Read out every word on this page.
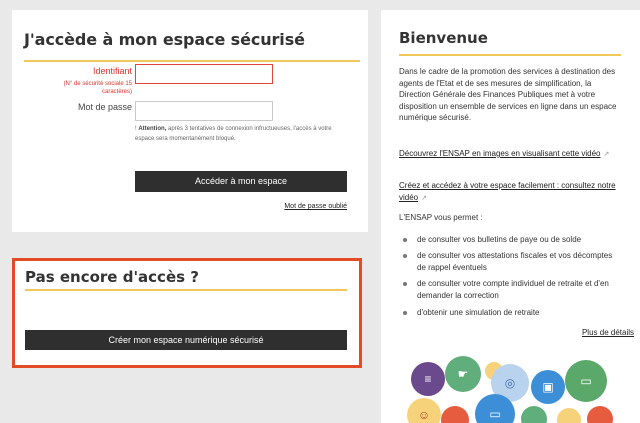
J'accède à mon espace sécurisé
Identifiant
(N° de sécurité sociale 15 caractères)
Mot de passe
! Attention, après 3 tentatives de connexion infructueuses, l'accès à votre espace sera momentanément bloqué.
Accéder à mon espace
Mot de passe oublié
Pas encore d'accès ?
Créer mon espace numérique sécurisé
Bienvenue
Dans le cadre de la promotion des services à destination des agents de l'Etat et de ses mesures de simplification, la Direction Générale des Finances Publiques met à votre disposition un ensemble de services en ligne dans un espace numérique sécurisé.
Découvrez l'ENSAP en images en visualisant cette vidéo ↗
Créez et accédez à votre espace facilement : consultez notre vidéo ↗
L'ENSAP vous permet :
de consulter vos bulletins de paye ou de solde
de consulter vos attestations fiscales et vos décomptes de rappel éventuels
de consulter votre compte individuel de retraite et d'en demander la correction
d'obtenir une simulation de retraite
Plus de détails
≡	☛
◎	▣	▭
☺	▭
